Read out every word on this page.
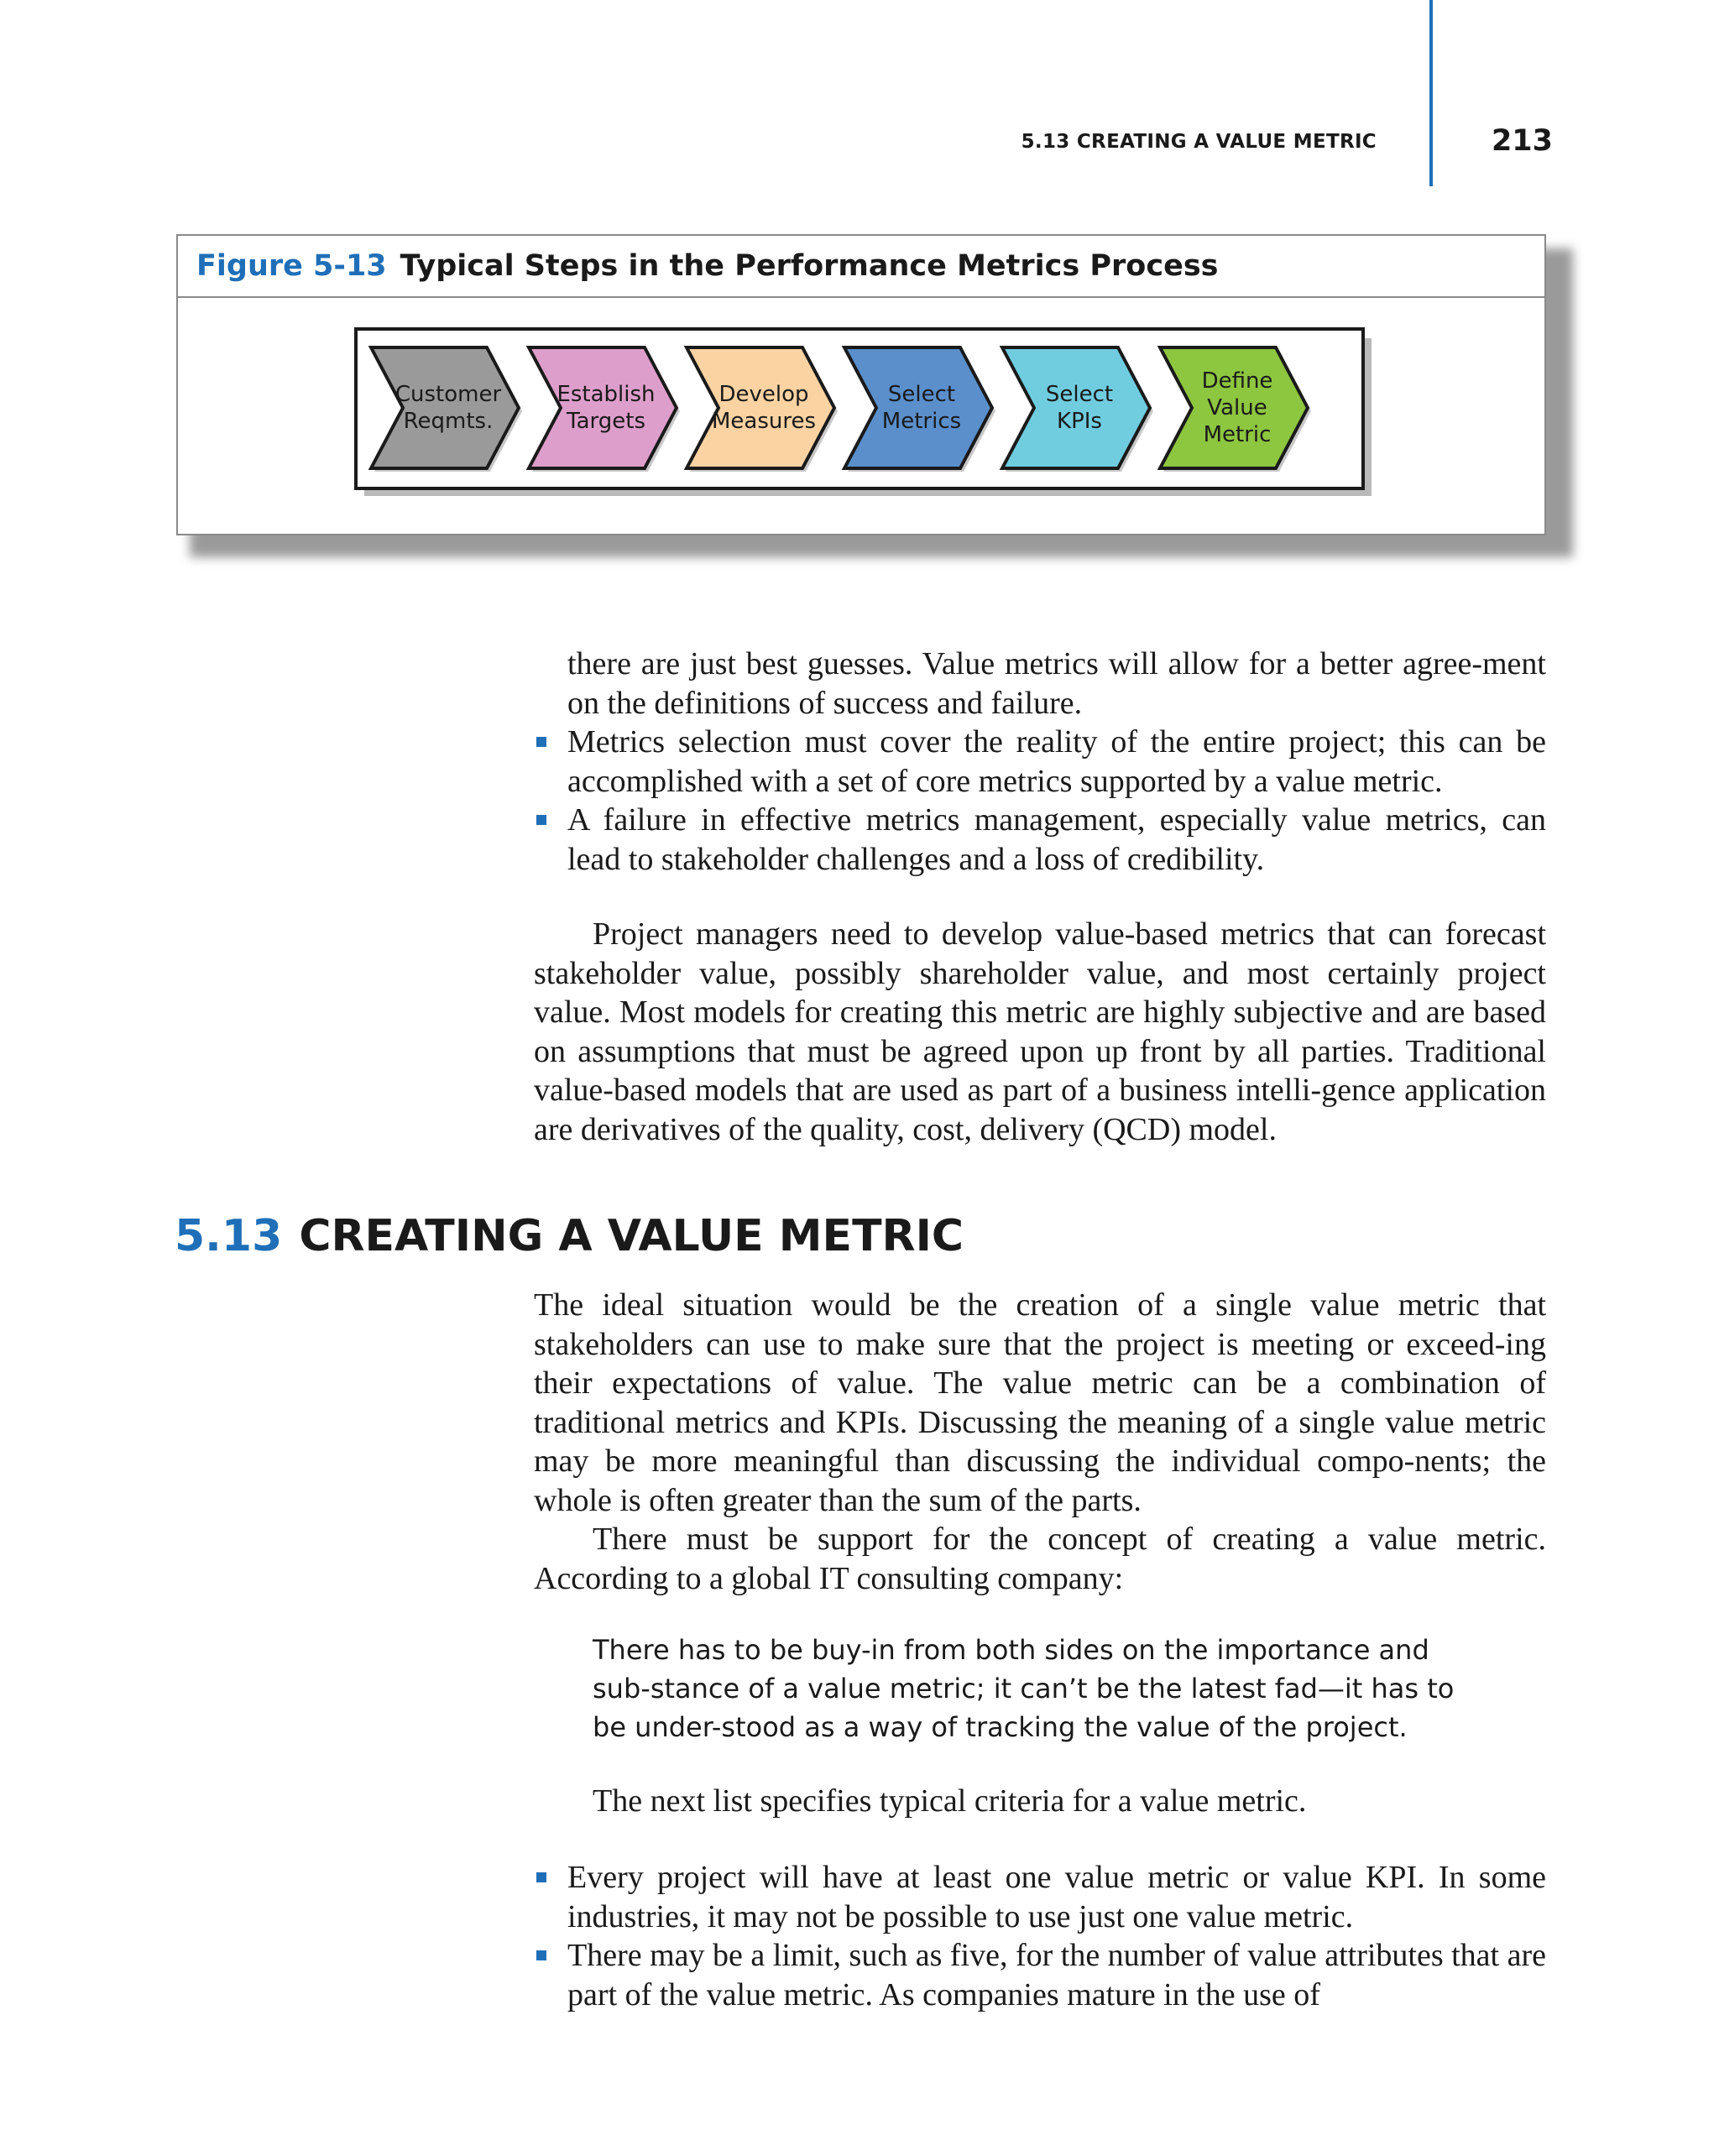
5.13 CREATING A VALUE METRIC	213
Figure 5-13 Typical Steps in the Performance Metrics Process
Customer
Reqmts.
Establish
Targets
Develop
Measures
Select
Metrics
Select
KPIs
Define
Value
Metric
there are just best guesses. Value metrics will allow for a better agree-ment on the definitions of success and failure.
Metrics selection must cover the reality of the entire project; this can be accomplished with a set of core metrics supported by a value metric.
A failure in effective metrics management, especially value metrics, can lead to stakeholder challenges and a loss of credibility.
Project managers need to develop value-based metrics that can forecast stakeholder value, possibly shareholder value, and most certainly project value. Most models for creating this metric are highly subjective and are based on assumptions that must be agreed upon up front by all parties. Traditional value-based models that are used as part of a business intelli-gence application are derivatives of the quality, cost, delivery (QCD) model.
5.13 CREATING A VALUE METRIC
The ideal situation would be the creation of a single value metric that stakeholders can use to make sure that the project is meeting or exceed-ing their expectations of value. The value metric can be a combination of traditional metrics and KPIs. Discussing the meaning of a single value metric may be more meaningful than discussing the individual compo-nents; the whole is often greater than the sum of the parts.
There must be support for the concept of creating a value metric. According to a global IT consulting company:
There has to be buy-in from both sides on the importance and sub-stance of a value metric; it can’t be the latest fad—it has to be under-stood as a way of tracking the value of the project.
The next list specifies typical criteria for a value metric.
Every project will have at least one value metric or value KPI. In some industries, it may not be possible to use just one value metric.
There may be a limit, such as five, for the number of value attributes that are part of the value metric. As companies mature in the use of
